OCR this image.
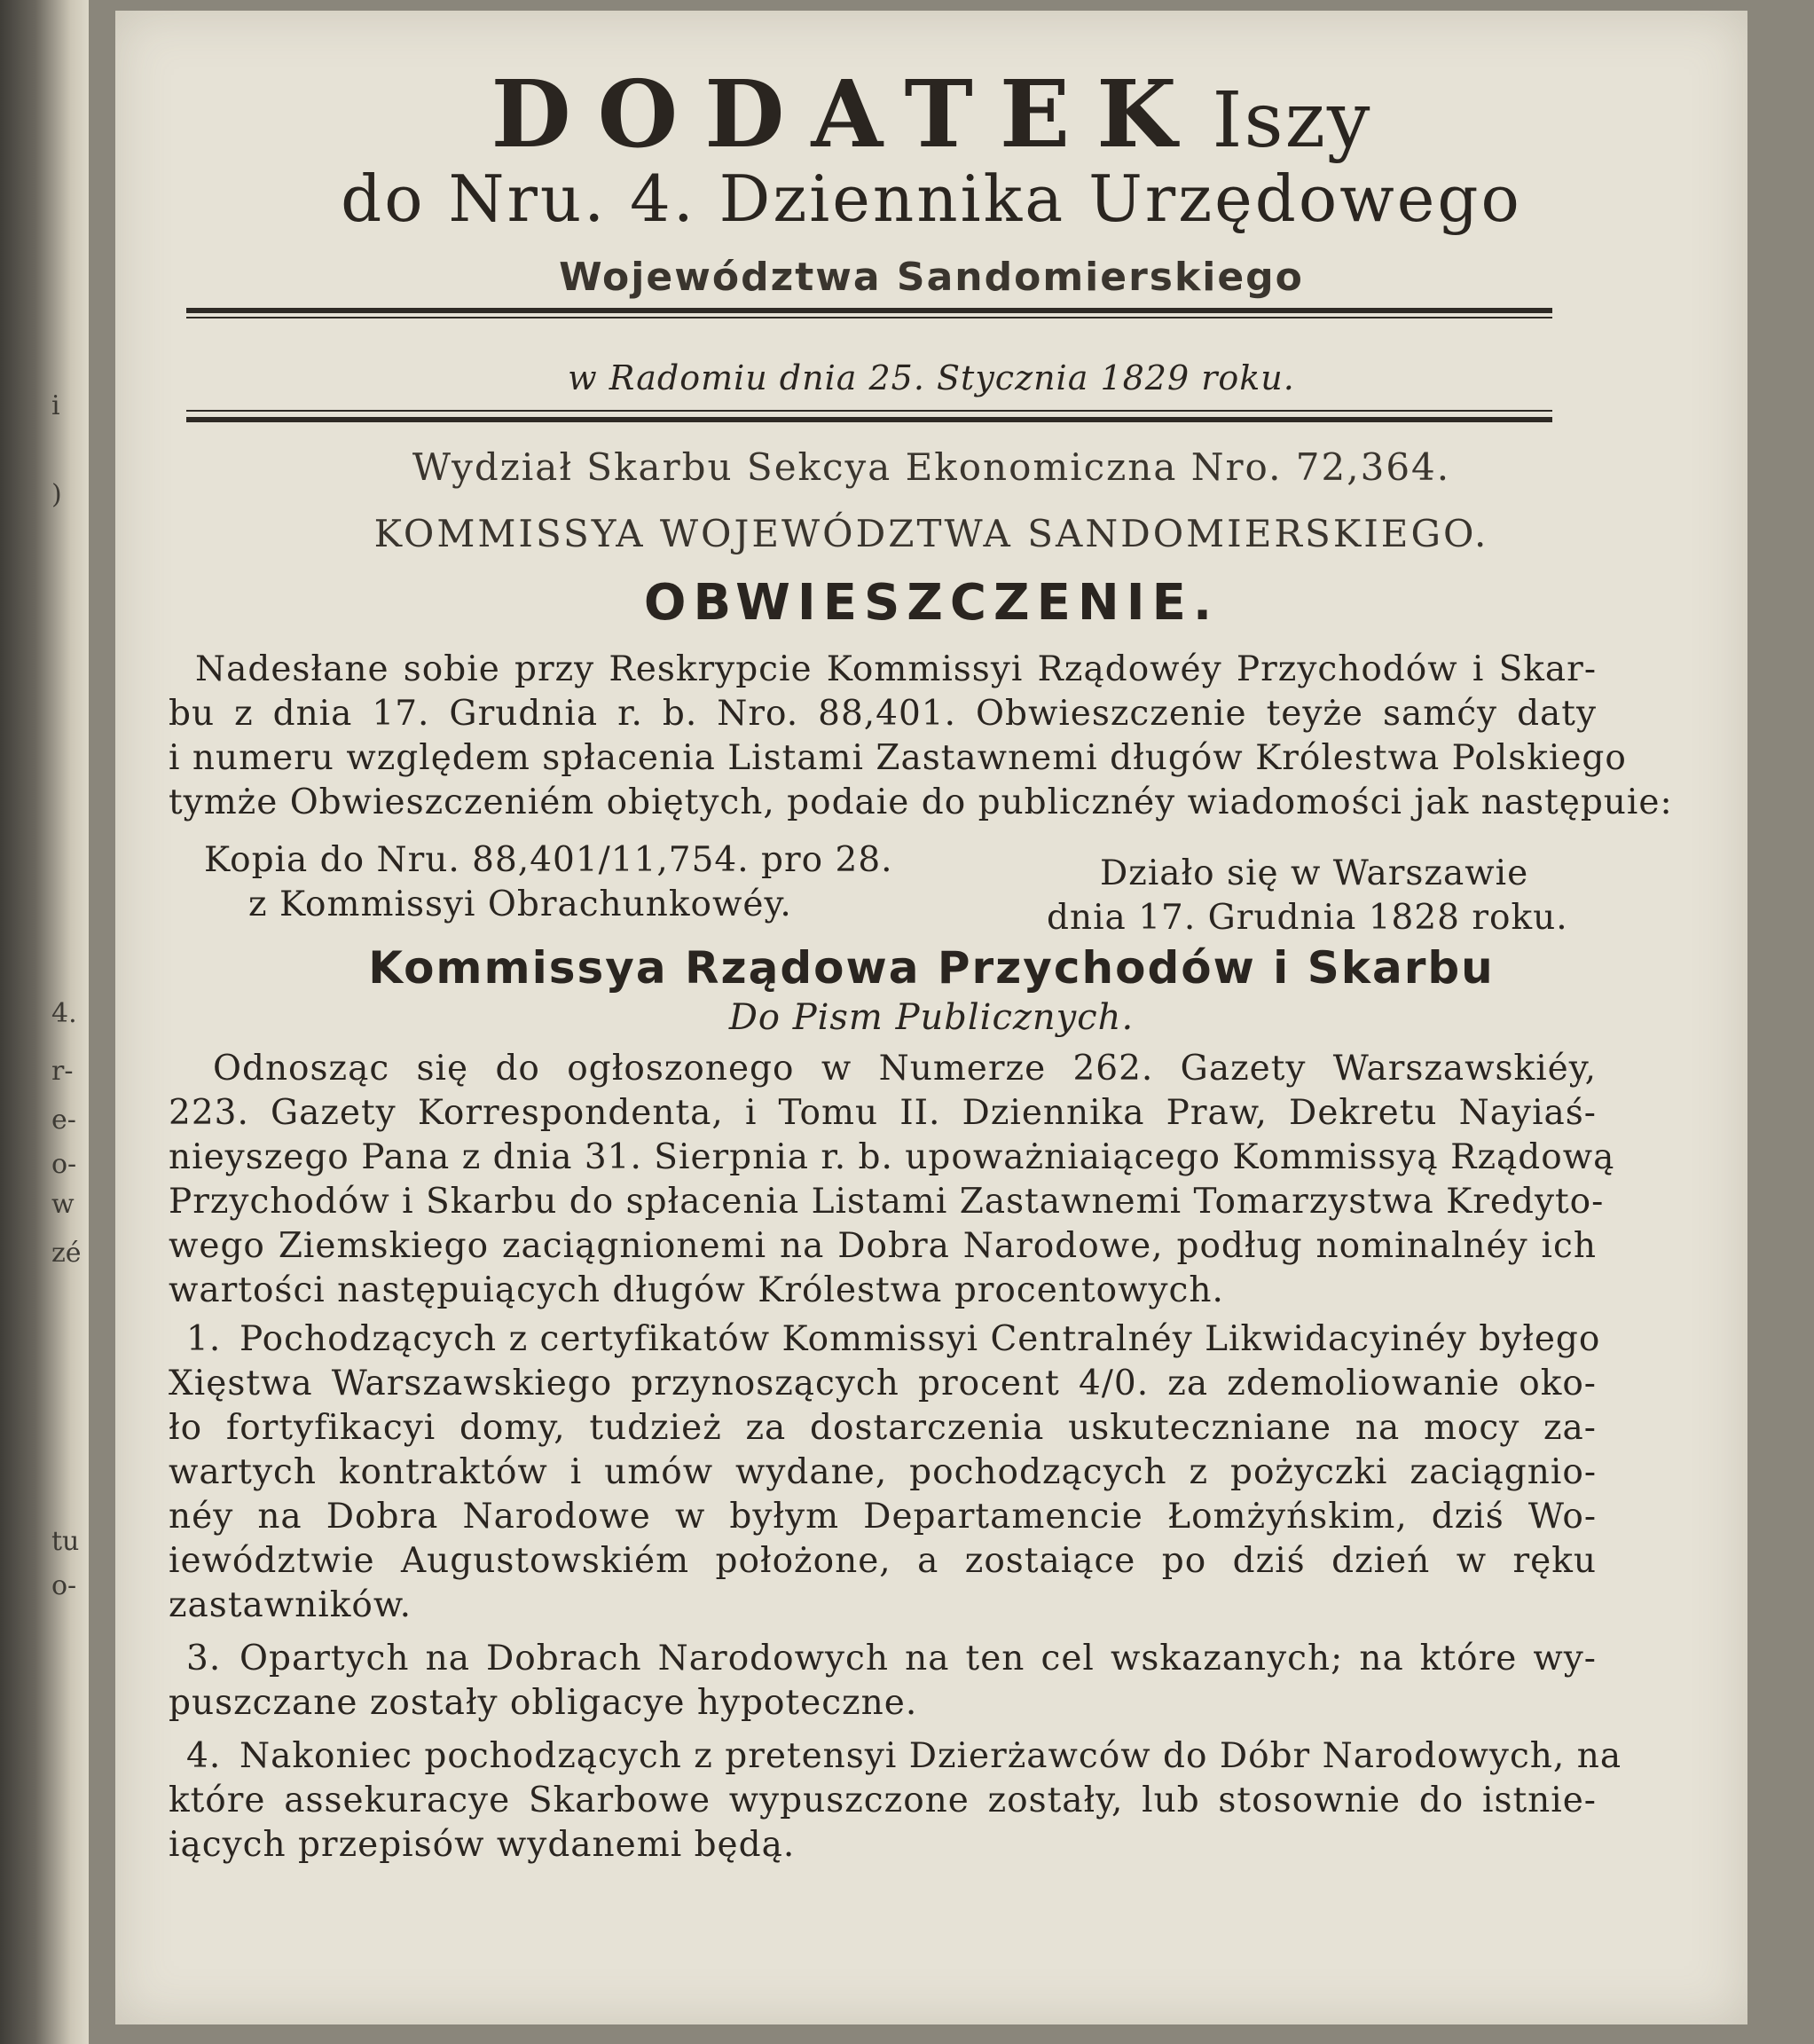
i
)
4.
r-
e-
o-
w
zé
tu
o-
DODATEK Iszy
do Nru. 4. Dziennika Urzędowego
Województwa Sandomierskiego
w Radomiu dnia 25. Stycznia 1829 roku.
Wydział Skarbu Sekcya Ekonomiczna Nro. 72,364.
KOMMISSYA WOJEWÓDZTWA SANDOMIERSKIEGO.
OBWIESZCZENIE.
Nadesłane sobie przy Reskrypcie Kommissyi Rządowéy Przychodów i Skar-
bu z dnia 17. Grudnia r. b. Nro. 88,401. Obwieszczenie teyże samćy daty
i numeru względem spłacenia Listami Zastawnemi długów Królestwa Polskiego
tymże Obwieszczeniém obiętych, podaie do publicznéy wiadomości jak następuie:
Kopia do Nru. 88,401/11,754. pro 28.
z Kommissyi Obrachunkowéy.
Działo się w Warszawie
dnia 17. Grudnia 1828 roku.
Kommissya Rządowa Przychodów i Skarbu
Do Pism Publicznych.
Odnosząc się do ogłoszonego w Numerze 262. Gazety Warszawskiéy,
223. Gazety Korrespondenta, i Tomu II. Dziennika Praw, Dekretu Nayiaś-
nieyszego Pana z dnia 31. Sierpnia r. b. upoważniaiącego Kommissyą Rządową
Przychodów i Skarbu do spłacenia Listami Zastawnemi Tomarzystwa Kredyto-
wego Ziemskiego zaciągnionemi na Dobra Narodowe, podług nominalnéy ich
wartości następuiących długów Królestwa procentowych.
1. Pochodzących z certyfikatów Kommissyi Centralnéy Likwidacyinéy byłego
Xięstwa Warszawskiego przynoszących procent 4/0. za zdemoliowanie oko-
ło fortyfikacyi domy, tudzież za dostarczenia uskuteczniane na mocy za-
wartych kontraktów i umów wydane, pochodzących z pożyczki zaciągnio-
néy na Dobra Narodowe w byłym Departamencie Łomżyńskim, dziś Wo-
iewództwie Augustowskiém położone, a zostaiące po dziś dzień w ręku
zastawników.
3. Opartych na Dobrach Narodowych na ten cel wskazanych; na które wy-
puszczane zostały obligacye hypoteczne.
4. Nakoniec pochodzących z pretensyi Dzierżawców do Dóbr Narodowych, na
które assekuracye Skarbowe wypuszczone zostały, lub stosownie do istnie-
iących przepisów wydanemi będą.
